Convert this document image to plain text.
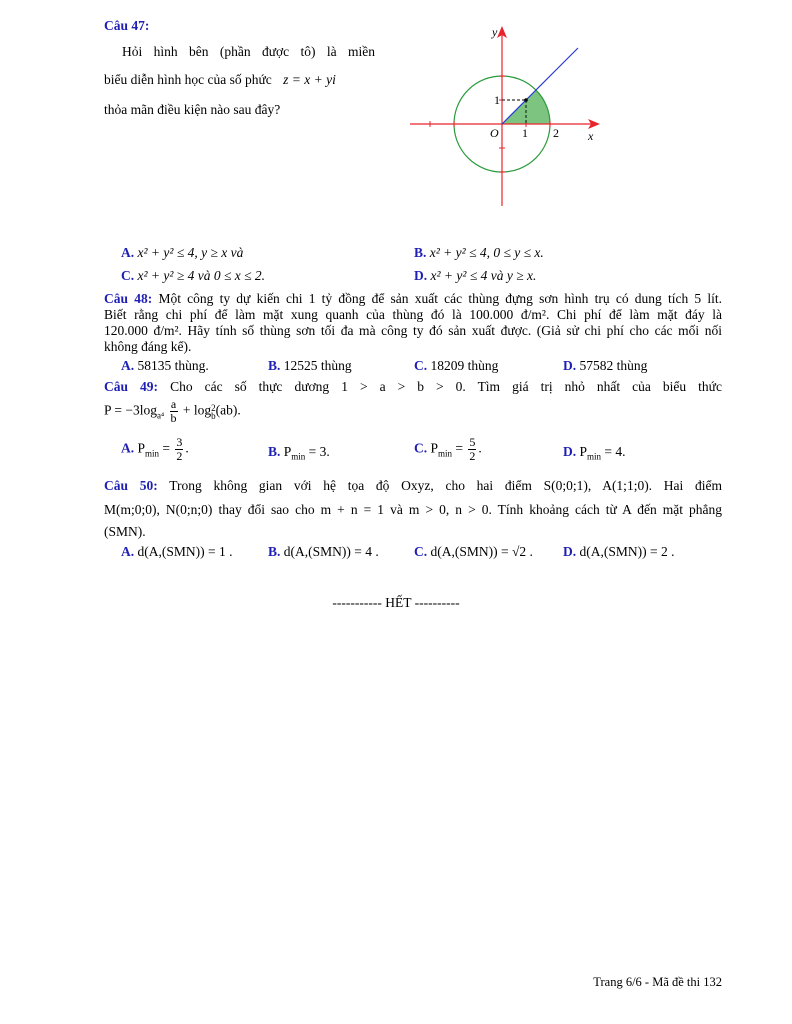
Câu 47:
Hỏi hình bên (phần được tô) là miền
biểu diễn hình học của số phức z = x + yi
thỏa mãn điều kiện nào sau đây?
y
x
O 1 2
1
A. x² + y² ≤ 4, y ≥ x và	B. x² + y² ≤ 4, 0 ≤ y ≤ x.
C. x² + y² ≥ 4 và 0 ≤ x ≤ 2.	D. x² + y² ≤ 4 và y ≥ x.
Câu 48: Một công ty dự kiến chi 1 tỷ đồng để sản xuất các thùng đựng sơn hình trụ có dung tích 5 lít.
Biết rằng chi phí để làm mặt xung quanh của thùng đó là 100.000 đ/m². Chi phí để làm mặt đáy là
120.000 đ/m². Hãy tính số thùng sơn tối đa mà công ty đó sản xuất được. (Giả sử chi phí cho các mối nối
không đáng kể).
A. 58135 thùng.	B. 12525 thùng	C. 18209 thùng	D. 57582 thùng
Câu 49: Cho các số thực dương 1 > a > b > 0. Tìm giá trị nhỏ nhất của biểu thức
$P = -3\log_{a^4} \frac{a}{b} + \log 2$
b (ab).
A. $P_{min} = \frac{3}{2}$ .	B. $P_{min} = 3$.	C. $P_{min} = \frac{5}{2}$ .	D. $P_{min} = 4$.
Câu 50: Trong không gian với hệ tọa độ Oxyz, cho hai điểm S(0;0;1), A(1;1;0). Hai điểm
M(m;0;0), N(0;n;0) thay đổi sao cho m + n = 1 và m > 0, n > 0. Tính khoảng cách từ A đến mặt phẳng
(SMN).
A. d(A,(SMN)) = 1 .	B. d(A,(SMN)) = 4 .	C. d(A,(SMN)) = √2 . D. d(A,(SMN)) = 2 .
----------- HẾT ----------
Trang 6/6 - Mã đề thi 132
